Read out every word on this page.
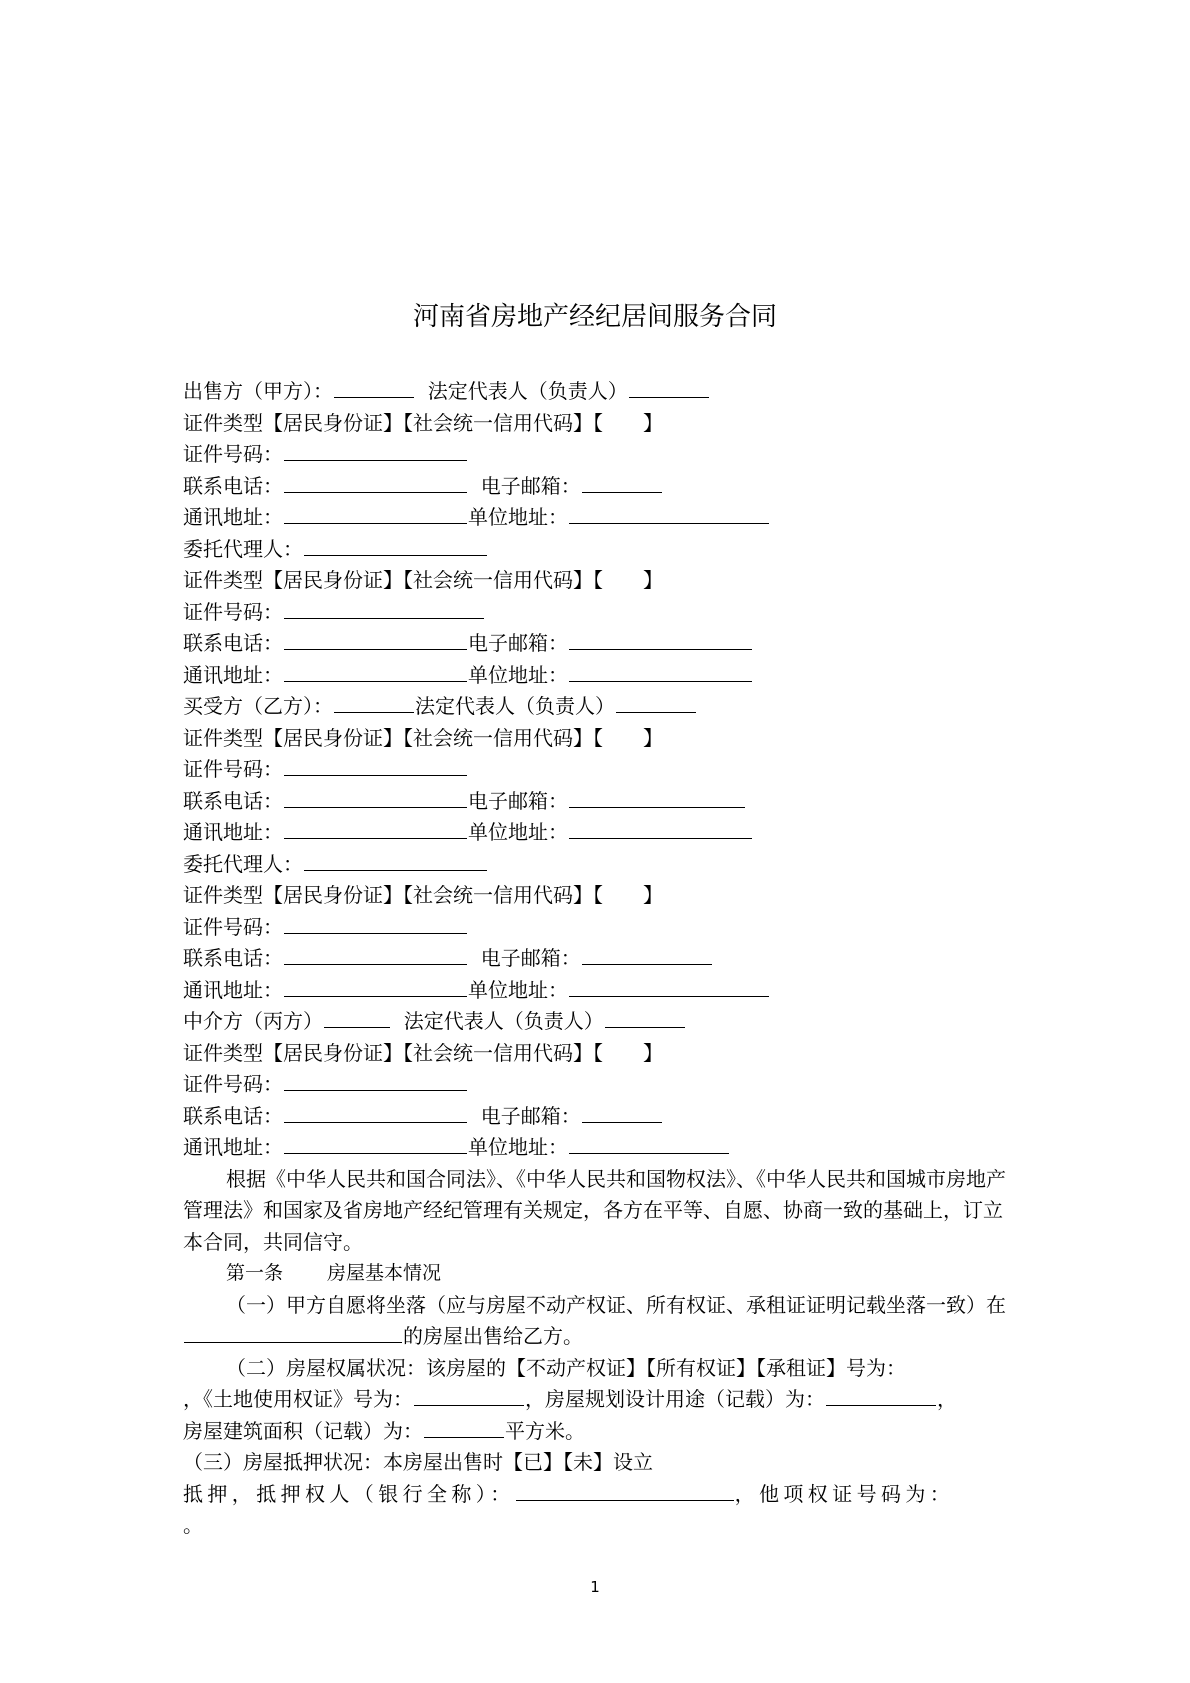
河南省房地产经纪居间服务合同
出售方（甲方）：	法定代表人（负责人）
证件类型【居民身份证】【社会统一信用代码】【 】
证件号码：
联系电话：	电子邮箱：
通讯地址：	单位地址：
委托代理人：
证件类型【居民身份证】【社会统一信用代码】【 】
证件号码：
联系电话：	电子邮箱：
通讯地址：	单位地址：
买受方（乙方）：	法定代表人（负责人）
证件类型【居民身份证】【社会统一信用代码】【 】
证件号码：
联系电话：	电子邮箱：
通讯地址：	单位地址：
委托代理人：
证件类型【居民身份证】【社会统一信用代码】【 】
证件号码：
联系电话：	电子邮箱：
通讯地址：	单位地址：
中介方（丙方）	法定代表人（负责人）
证件类型【居民身份证】【社会统一信用代码】【 】
证件号码：
联系电话：	电子邮箱：
通讯地址：	单位地址：
根据《中华人民共和国合同法》、《中华人民共和国物权法》、《中华人民共和国城市房地产管理法》和国家及省房地产经纪管理有关规定，各方在平等、自愿、协商一致的基础上，订立本合同，共同信守。
第一条 房屋基本情况
（一）甲方自愿将坐落（应与房屋不动产权证、所有权证、承租证证明记载坐落一致）在的房屋出售给乙方。
（二）房屋权属状况：该房屋的【不动产权证】【所有权证】【承租证】号为：
，《土地使用权证》号为：	，房屋规划设计用途（记载）为：	，
房屋建筑面积（记载）为：	平方米。
（三）房屋抵押状况：本房屋出售时【已】【未】设立
抵押，抵押权人（银行全称）：	，他项权证号码为：
。
1
